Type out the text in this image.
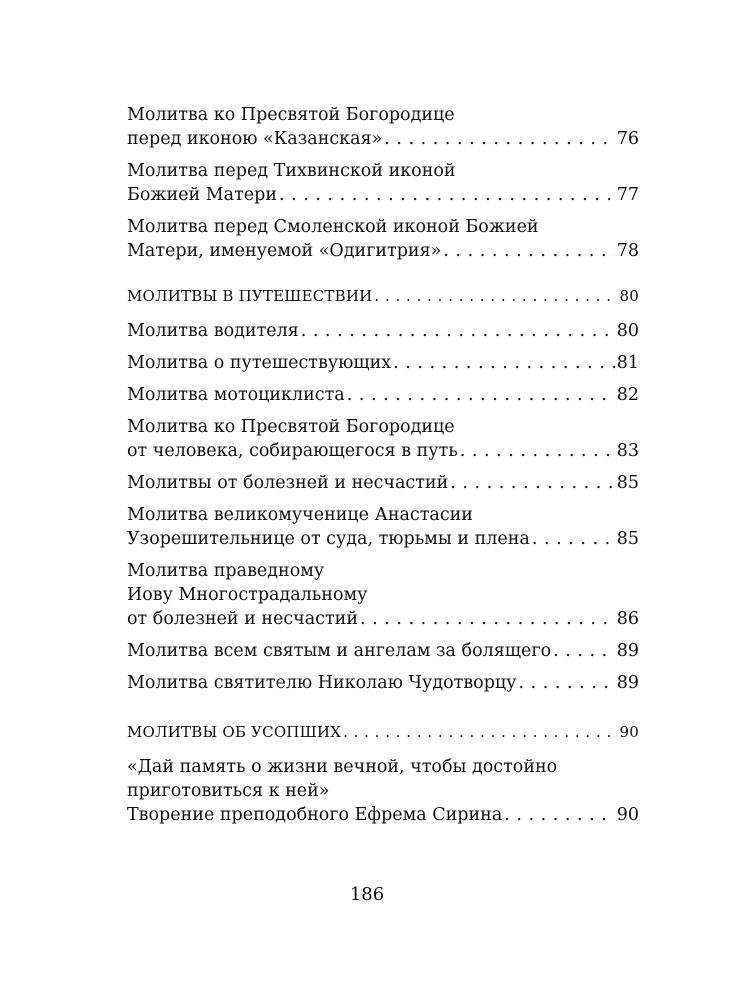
Молитва ко Пресвятой Богородице
перед иконою «Казанская» . . .	76
Молитва перед Тихвинской иконой
Божией Матери . . .	77
Молитва перед Смоленской иконой Божией
Матери, именуемой «Одигитрия» . . .	78
МОЛИТВЫ В ПУТЕШЕСТВИИ . . .	80
Молитва водителя . . .	80
Молитва о путешествующих . . .	81
Молитва мотоциклиста . . .	82
Молитва ко Пресвятой Богородице
от человека, собирающегося в путь . . .	83
Молитвы от болезней и несчастий . . .	85
Молитва великомученице Анастасии
Узорешительнице от суда, тюрьмы и плена . . .	85
Молитва праведному
Иову Многострадальному
от болезней и несчастий . . .	86
Молитва всем святым и ангелам за болящего . . .	89
Молитва святителю Николаю Чудотворцу . . .	89
МОЛИТВЫ ОБ УСОПШИХ . . .	90
«Дай память о жизни вечной, чтобы достойно
приготовиться к ней»
Творение преподобного Ефрема Сирина . . .	90
186
